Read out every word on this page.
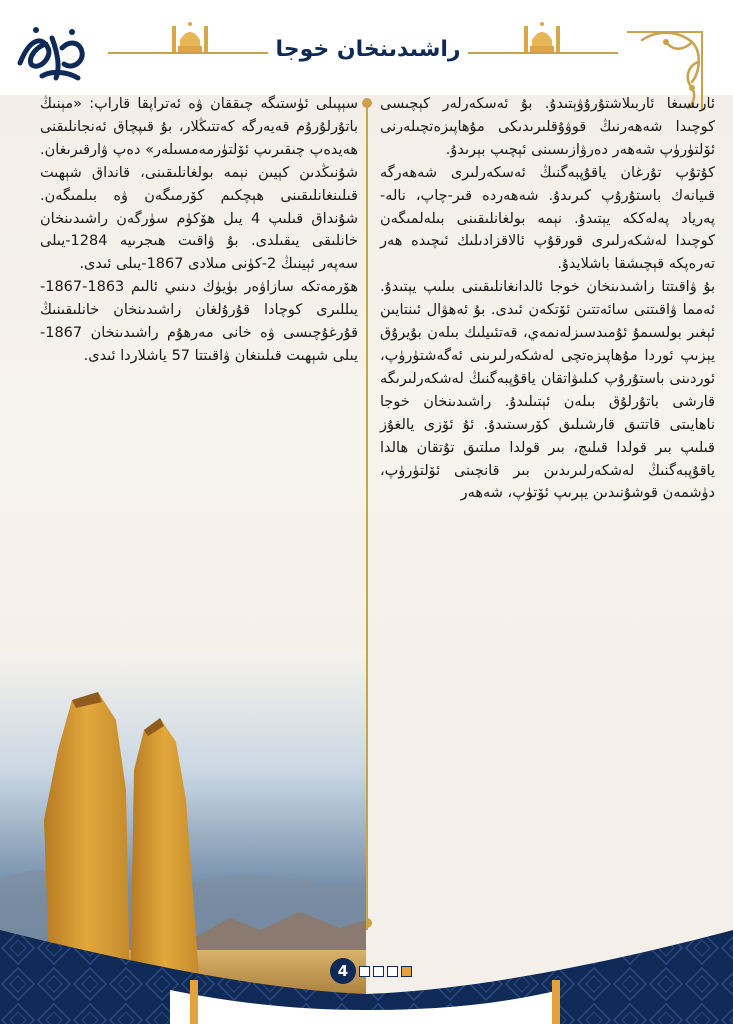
راشىدىنخان خوجا
ئارىسىغا ئاربىلاشتۇرۇۋېتىدۇ. بۇ ئەسكەرلەر كېچىسى كوچىدا شەھەرنىڭ قوۋۇقلىرىدىكى مۇھاپىزەتچىلەرنى ئۆلتۈرۈپ شەھەر دەرۋازىسىنى ئېچىپ بېرىدۇ.
كۇتۇپ تۇرغان ياقۇپبەگنىڭ ئەسكەرلىرى شەھەرگە قىيانەك باستۇرۇپ كىرىدۇ. شەھەردە قىر-چاپ، نالە-پەرياد پەلەككە يېتىدۇ. نېمە بولغانلىقىنى بىلەلمىگەن كوچىدا لەشكەرلىرى قورقۇپ ئالاقزادىلىك ئىچىدە ھەر تەرەپكە قېچىشقا باشلايدۇ.
بۇ ۋاقىتتا راشىدىنخان خوجا ئالدانغانلىقىنى بىلىپ يېتىدۇ. ئەمما ۋاقىتنى سائەتتىن ئۆتكەن ئىدى. بۇ ئەھۋال ئىنتايىن ئېغىر بولسىمۇ ئۇمىدسىزلەنمەي، قەتئىيلىك بىلەن بۇيرۇق يېزىپ ئوردا مۇھاپىزەتچى لەشكەرلىرىنى ئەگەشتۈرۈپ، ئوردىنى باستۇرۇپ كىلىۋاتقان ياقۇپبەگنىڭ لەشكەرلىرىگە قارشى باتۇرلۇق بىلەن ئېتىلىدۇ. راشىدىنخان خوجا ناھايىتى قاتتىق قارشىلىق كۆرسىتىدۇ. ئۇ ئۆزى يالغۇز قىلىپ بىر قولدا قىلىچ، بىر قولدا مىلتىق تۇتقان ھالدا ياقۇپبەگنىڭ لەشكەرلىرىدىن بىر قانچىنى ئۆلتۈرۈپ، دۈشمەن قوشۇنىدىن يېرىپ ئۆتۈپ، شەھەر
سېپىلى ئۈستىگە چىققان ۋە ئەتراپقا قاراپ: «مېنىڭ باتۇرلۇرۇم قەيەرگە كەتتىڭلار، بۇ قىپچاق ئەنجانلىقنى ھەيدەپ چىقىرىپ ئۆلتۈرمەمسىلەر» دەپ ۋارقىرىغان. شۇنىڭدىن كېيىن نېمە بولغانلىقىنى، قانداق شېھىت قىلىنغانلىقىنى ھېچكىم كۆرمىگەن ۋە بىلمىگەن. شۇنداق قىلىپ 4 يىل ھۆكۈم سۈرگەن راشىدىنخان خانلىقى يىقىلدى. بۇ ۋاقىت ھىجرىيە 1284-يىلى سەپەر ئېينىڭ 2-كۈنى مىلادى 1867-يىلى ئىدى.
ھۆرمەتكە سازاۋەر بۈيۈك دىنىي ئالىم 1863-1867-يىللىرى كوچادا قۇرۇلغان راشىدىنخان خانلىقىنىڭ قۇرغۇچىسى ۋە خانى مەرھۇم راشىدىنخان 1867-يىلى شېھىت قىلىنغان ۋاقىتتا 57 ياشلاردا ئىدى.
4
